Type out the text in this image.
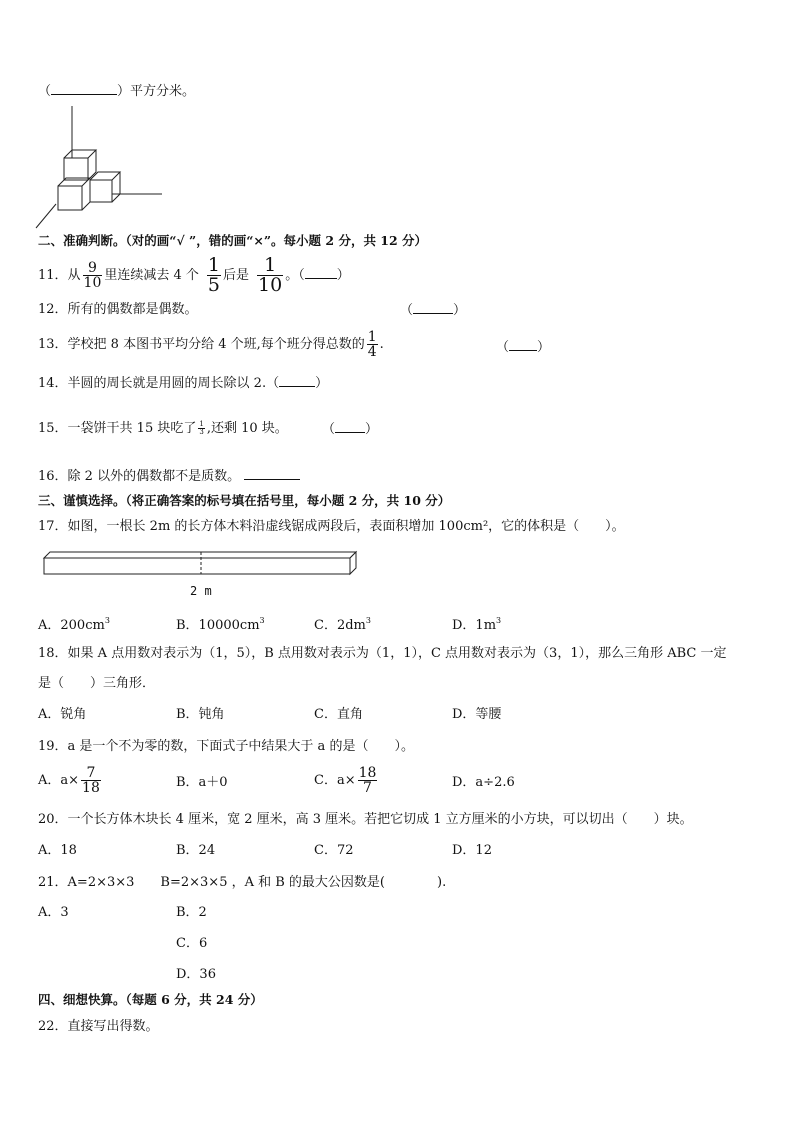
（	）平方分米。
二、准确判断。（对的画“√ ”，错的画“×”。每小题 2 分，共 12 分）
11．从 $\frac{9}{10}$ 里连续减去 4 个 $\frac{1}{5}$ 后是 $\frac{1}{10}$ 。（ ）
12．所有的偶数都是偶数。	（	）
13．学校把 8 本图书平均分给 4 个班,每个班分得总数的 $\frac{1}{4}$ .	（ ）
14．半圆的周长就是用圆的周长除以 2.（	）
15．一袋饼干共 15 块吃了 $\frac{1}{3}$ ,还剩 10 块。	（ ）
16．除 2 以外的偶数都不是质数。
三、谨慎选择。（将正确答案的标号填在括号里，每小题 2 分，共 10 分）
17．如图，一根长 2m 的长方体木料沿虚线锯成两段后，表面积增加 100cm²，它的体积是（　　）。
2 m
A．$200cm^3$	B．$10000cm^3$	C．$2dm^3$	D．$1m^3$
18．如果 A 点用数对表示为（1，5），B 点用数对表示为（1，1），C 点用数对表示为（3，1），那么三角形 ABC 一定
是（　　）三角形．
A．锐角	B．钝角	C．直角	D．等腰
19．a 是一个不为零的数，下面式子中结果大于 a 的是（　　）。
A．$a\times \frac{7}{18}$	B．a＋0	C．$a\times \frac{18}{7}$	D．a÷2.6
20．一个长方体木块长 4 厘米，宽 2 厘米，高 3 厘米。若把它切成 1 立方厘米的小方块，可以切出（　　）块。
A．18	B．24	C．72	D．12
21．A=2×3×3　　B=2×3×5 ，A 和 B 的最大公因数是(　　　　).
A．3	B．2
C．6
D．36
四、细想快算。（每题 6 分，共 24 分）
22．直接写出得数。
